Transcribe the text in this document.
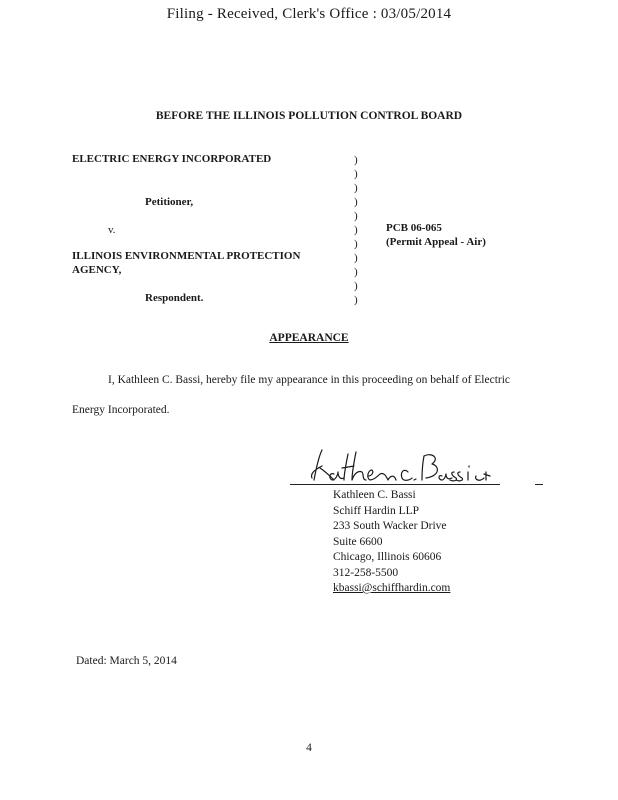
Filing - Received, Clerk's Office : 03/05/2014
BEFORE THE ILLINOIS POLLUTION CONTROL BOARD
ELECTRIC ENERGY INCORPORATED
Petitioner,
v.
ILLINOIS ENVIRONMENTAL PROTECTION
AGENCY,
Respondent.
)
)
)
)
)
)
)
)
)
)
)
PCB 06-065
(Permit Appeal - Air)
APPEARANCE
I, Kathleen C. Bassi, hereby file my appearance in this proceeding on behalf of Electric
Energy Incorporated.
Kathleen C. Bassi
Schiff Hardin LLP
233 South Wacker Drive
Suite 6600
Chicago, Illinois 60606
312-258-5500
kbassi@schiffhardin.com
Dated: March 5, 2014
4
